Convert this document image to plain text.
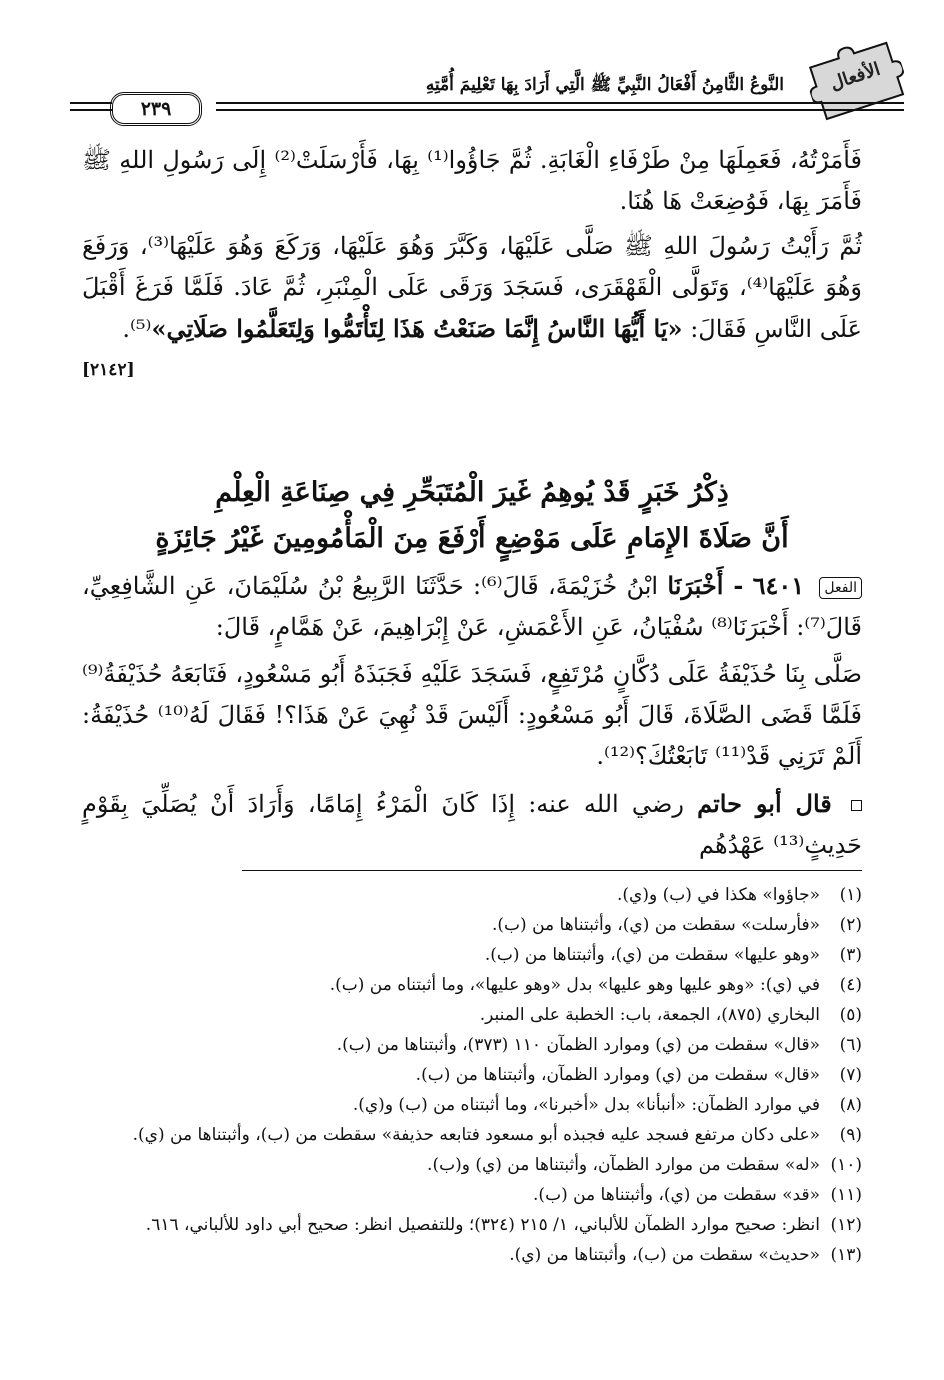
الأفعال
النَّوعُ الثَّامِنُ أَفْعَالُ النَّبِيِّ ﷺ الَّتِي أَرَادَ بِهَا تَعْلِيمَ أُمَّتِهِ
٢٣٩

فَأَمَرْتُهُ، فَعَمِلَهَا مِنْ طَرْفَاءِ الْغَابَةِ. ثُمَّ جَاؤُوا⁽¹⁾ بِهَا، فَأَرْسَلَتْ⁽²⁾ إِلَى رَسُولِ اللهِ ﷺ فَأَمَرَ بِهَا، فَوُضِعَتْ هَا هُنَا.

ثُمَّ رَأَيْتُ رَسُولَ اللهِ ﷺ صَلَّى عَلَيْهَا، وَكَبَّرَ وَهُوَ عَلَيْهَا، وَرَكَعَ وَهُوَ عَلَيْهَا⁽³⁾، وَرَفَعَ وَهُوَ عَلَيْهَا⁽⁴⁾، وَتَوَلَّى الْقَهْقَرَى، فَسَجَدَ وَرَقَى عَلَى الْمِنْبَرِ، ثُمَّ عَادَ. فَلَمَّا فَرَغَ أَقْبَلَ عَلَى النَّاسِ فَقَالَ: «يَا أَيُّهَا النَّاسُ إِنَّمَا صَنَعْتُ هَذَا لِتَأْتَمُّوا وَلِتَعَلَّمُوا صَلَاتِي»⁽⁵⁾.
[٢١٤٢]

ذِكْرُ خَبَرٍ قَدْ يُوهِمُ غَيرَ الْمُتَبَحِّرِ فِي صِنَاعَةِ الْعِلْمِ
أَنَّ صَلَاةَ الإِمَامِ عَلَى مَوْضِعٍ أَرْفَعَ مِنَ الْمَأْمُومِينَ غَيْرُ جَائِزَةٍ

الفعل ٦٤٠١ - أَخْبَرَنَا ابْنُ خُزَيْمَةَ، قَالَ⁽⁶⁾: حَدَّثَنَا الرَّبِيعُ بْنُ سُلَيْمَانَ، عَنِ الشَّافِعِيِّ، قَالَ⁽⁷⁾: أَخْبَرَنَا⁽⁸⁾ سُفْيَانُ، عَنِ الأَعْمَشِ، عَنْ إِبْرَاهِيمَ، عَنْ هَمَّامٍ، قَالَ:

صَلَّى بِنَا حُذَيْفَةُ عَلَى دُكَّانٍ مُرْتَفِعٍ، فَسَجَدَ عَلَيْهِ فَجَبَذَهُ أَبُو مَسْعُودٍ، فَتَابَعَهُ حُذَيْفَةُ⁽⁹⁾ فَلَمَّا قَضَى الصَّلَاةَ، قَالَ أَبُو مَسْعُودٍ: أَلَيْسَ قَدْ نُهِيَ عَنْ هَذَا؟! فَقَالَ لَهُ⁽¹⁰⁾ حُذَيْفَةُ: أَلَمْ تَرَنِي قَدْ⁽¹¹⁾ تَابَعْتُكَ؟⁽¹²⁾.

قال أبو حاتم رضي الله عنه: إِذَا كَانَ الْمَرْءُ إِمَامًا، وَأَرَادَ أَنْ يُصَلِّيَ بِقَوْمٍ حَدِيثٍ⁽¹³⁾ عَهْدُهُم

(١)
«جاؤوا» هكذا في (ب) و(ي).
(٢)
«فأرسلت» سقطت من (ي)، وأثبتناها من (ب).
(٣)
«وهو عليها» سقطت من (ي)، وأثبتناها من (ب).
(٤)
في (ي): «وهو عليها وهو عليها» بدل «وهو عليها»، وما أثبتناه من (ب).
(٥)
البخاري (٨٧٥)، الجمعة، باب: الخطبة على المنبر.
(٦)
«قال» سقطت من (ي) وموارد الظمآن ١١٠ (٣٧٣)، وأثبتناها من (ب).
(٧)
«قال» سقطت من (ي) وموارد الظمآن، وأثبتناها من (ب).
(٨)
في موارد الظمآن: «أنبأنا» بدل «أخبرنا»، وما أثبتناه من (ب) و(ي).
(٩)
«على دكان مرتفع فسجد عليه فجبذه أبو مسعود فتابعه حذيفة» سقطت من (ب)، وأثبتناها من (ي).
(١٠)
«له» سقطت من موارد الظمآن، وأثبتناها من (ي) و(ب).
(١١)
«قد» سقطت من (ي)، وأثبتناها من (ب).
(١٢)
انظر: صحيح موارد الظمآن للألباني، ١/ ٢١٥ (٣٢٤)؛ وللتفصيل انظر: صحيح أبي داود للألباني، ٦١٦.
(١٣)
«حديث» سقطت من (ب)، وأثبتناها من (ي).
